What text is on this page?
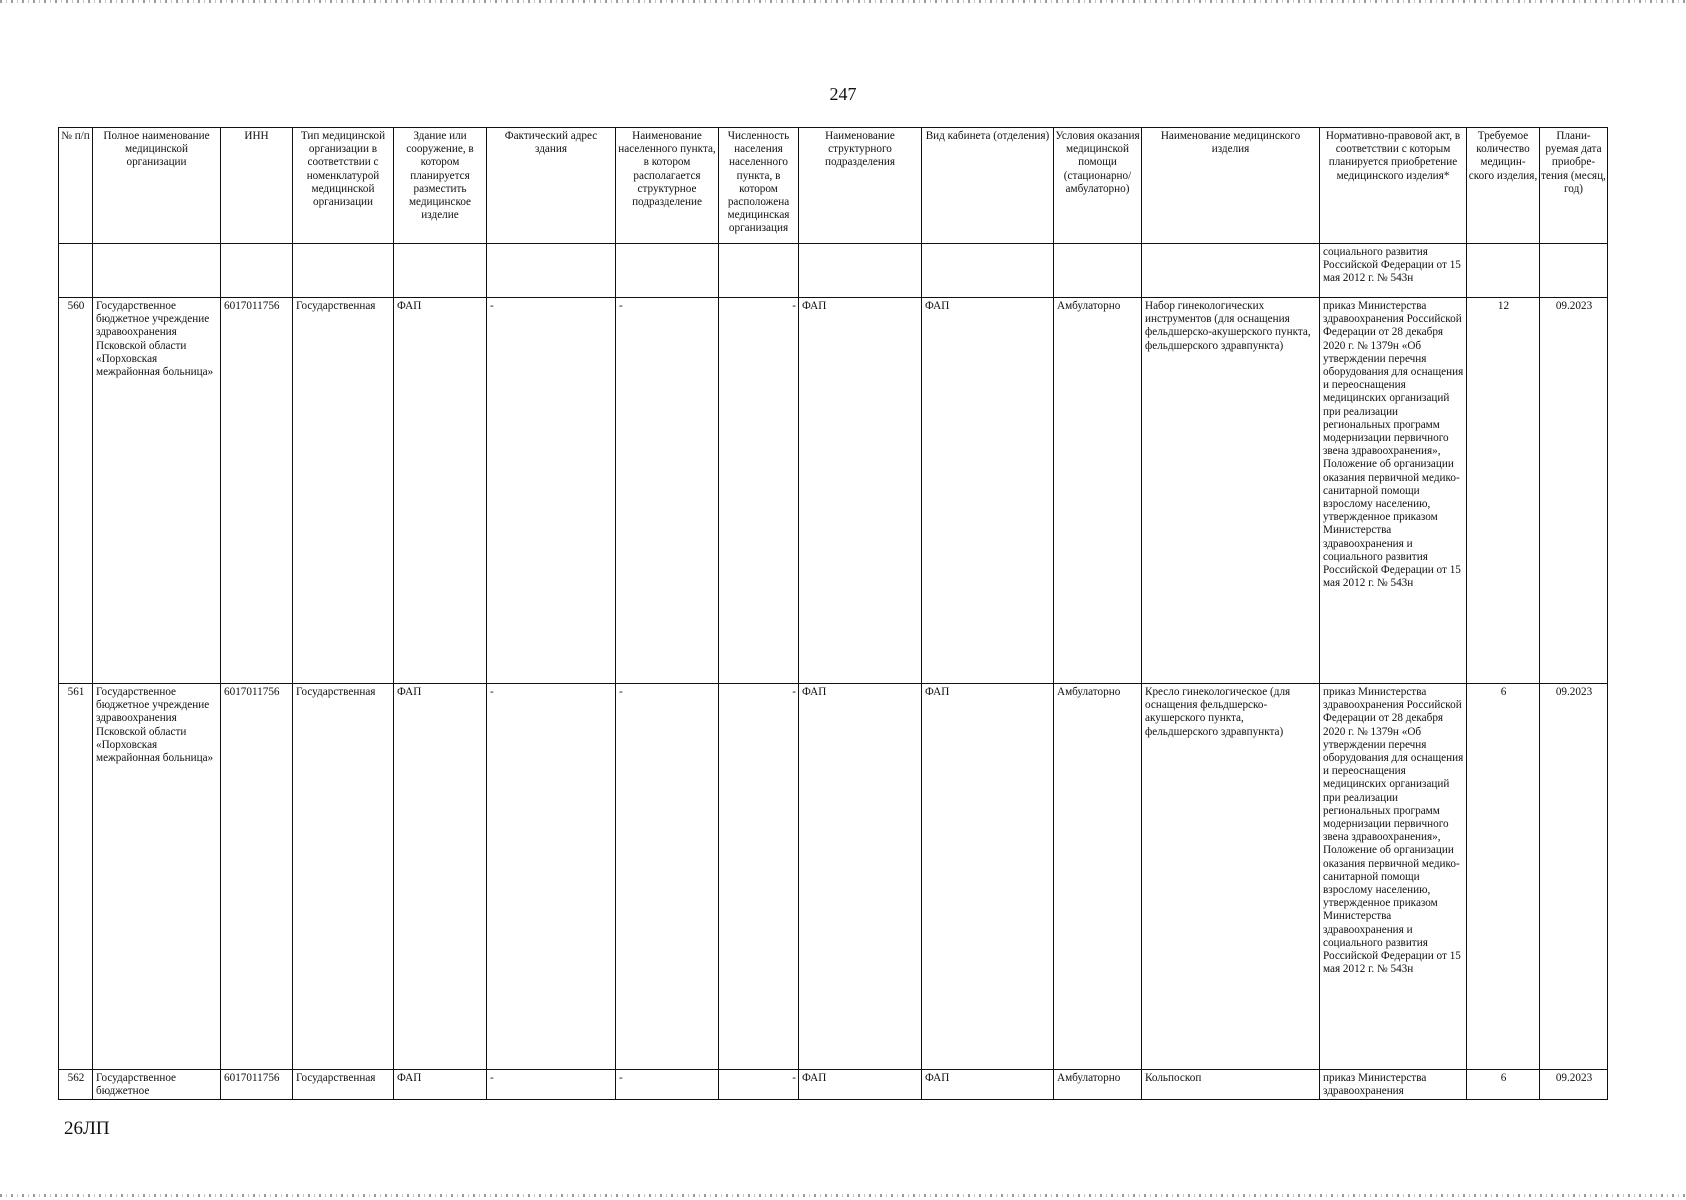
247
№ п/п	Полное наименование медицинской организации	ИНН	Тип медицинской организации в соответствии с номенклатурой медицинской организации	Здание или сооружение, в котором планируется разместить медицинское изделие	Фактический адрес здания	Наименование населенного пункта, в котором располагается структурное подразделение	Численность населения населенного пункта, в котором расположена медицинская организация	Наименование структурного подразделения	Вид кабинета (отделения)	Условия оказания медицинской помощи (стационарно/ амбулаторно)	Наименование медицинского изделия	Нормативно-правовой акт, в соответствии с которым планируется приобретение медицинского изделия*	Требуемое количество медицин-ского изделия,	Плани-руемая дата приобре-тения (месяц, год)
												социального развития Российской Федерации от 15 мая 2012 г. № 543н		
560	Государственное бюджетное учреждение здравоохранения Псковской области «Порховская межрайонная больница»	6017011756	Государственная	ФАП	-	-	-	ФАП	ФАП	Амбулаторно	Набор гинекологических инструментов (для оснащения фельдшерско-акушерского пункта, фельдшерского здравпункта)	приказ Министерства здравоохранения Российской Федерации от 28 декабря 2020 г. № 1379н «Об утверждении перечня оборудования для оснащения и переоснащения медицинских организаций при реализации региональных программ модернизации первичного звена здравоохранения», Положение об организации оказания первичной медико-санитарной помощи взрослому населению, утвержденное приказом Министерства здравоохранения и социального развития Российской Федерации от 15 мая 2012 г. № 543н	12	09.2023
561	Государственное бюджетное учреждение здравоохранения Псковской области «Порховская межрайонная больница»	6017011756	Государственная	ФАП	-	-	-	ФАП	ФАП	Амбулаторно	Кресло гинекологическое (для оснащения фельдшерско-акушерского пункта, фельдшерского здравпункта)	приказ Министерства здравоохранения Российской Федерации от 28 декабря 2020 г. № 1379н «Об утверждении перечня оборудования для оснащения и переоснащения медицинских организаций при реализации региональных программ модернизации первичного звена здравоохранения», Положение об организации оказания первичной медико-санитарной помощи взрослому населению, утвержденное приказом Министерства здравоохранения и социального развития Российской Федерации от 15 мая 2012 г. № 543н	6	09.2023
562	Государственное бюджетное	6017011756	Государственная	ФАП	-	-	-	ФАП	ФАП	Амбулаторно	Кольпоскоп	приказ Министерства здравоохранения	6	09.2023
26ЛП
